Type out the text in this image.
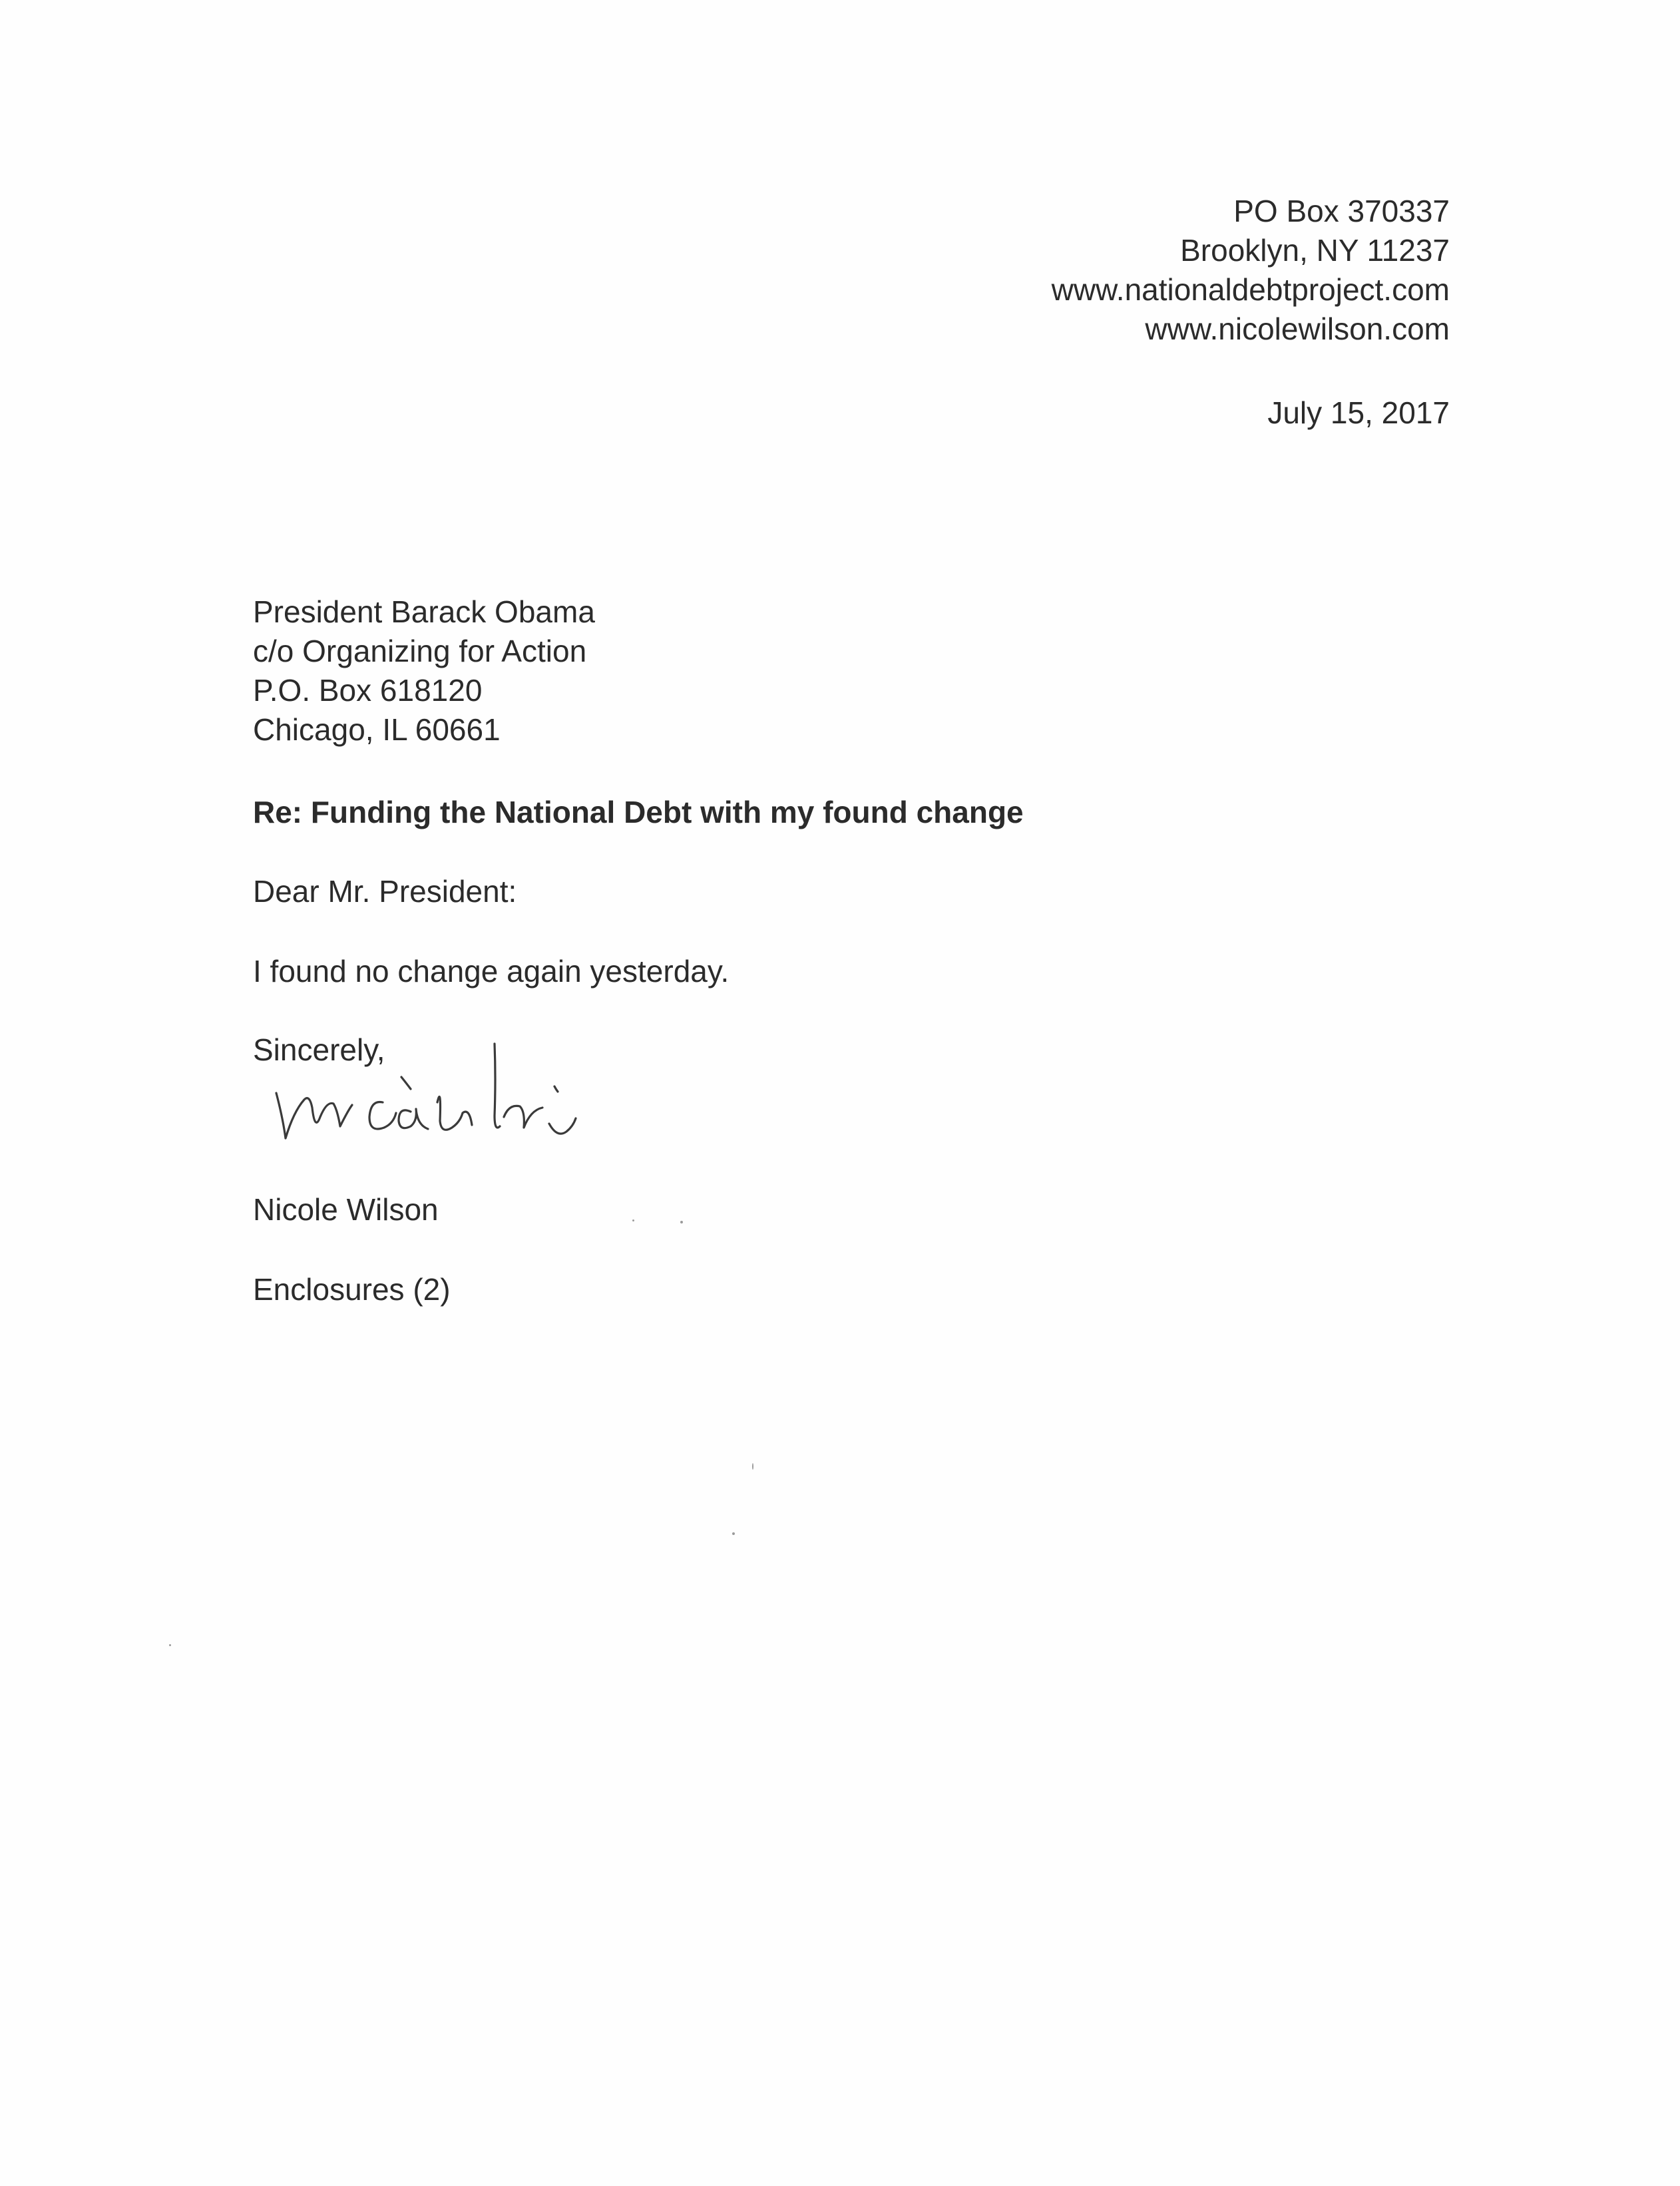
PO Box 370337
Brooklyn, NY 11237
www.nationaldebtproject.com
www.nicolewilson.com
July 15, 2017
President Barack Obama
c/o Organizing for Action
P.O. Box 618120
Chicago, IL 60661
Re: Funding the National Debt with my found change
Dear Mr. President:
I found no change again yesterday.
Sincerely,
Nicole Wilson
Enclosures (2)
